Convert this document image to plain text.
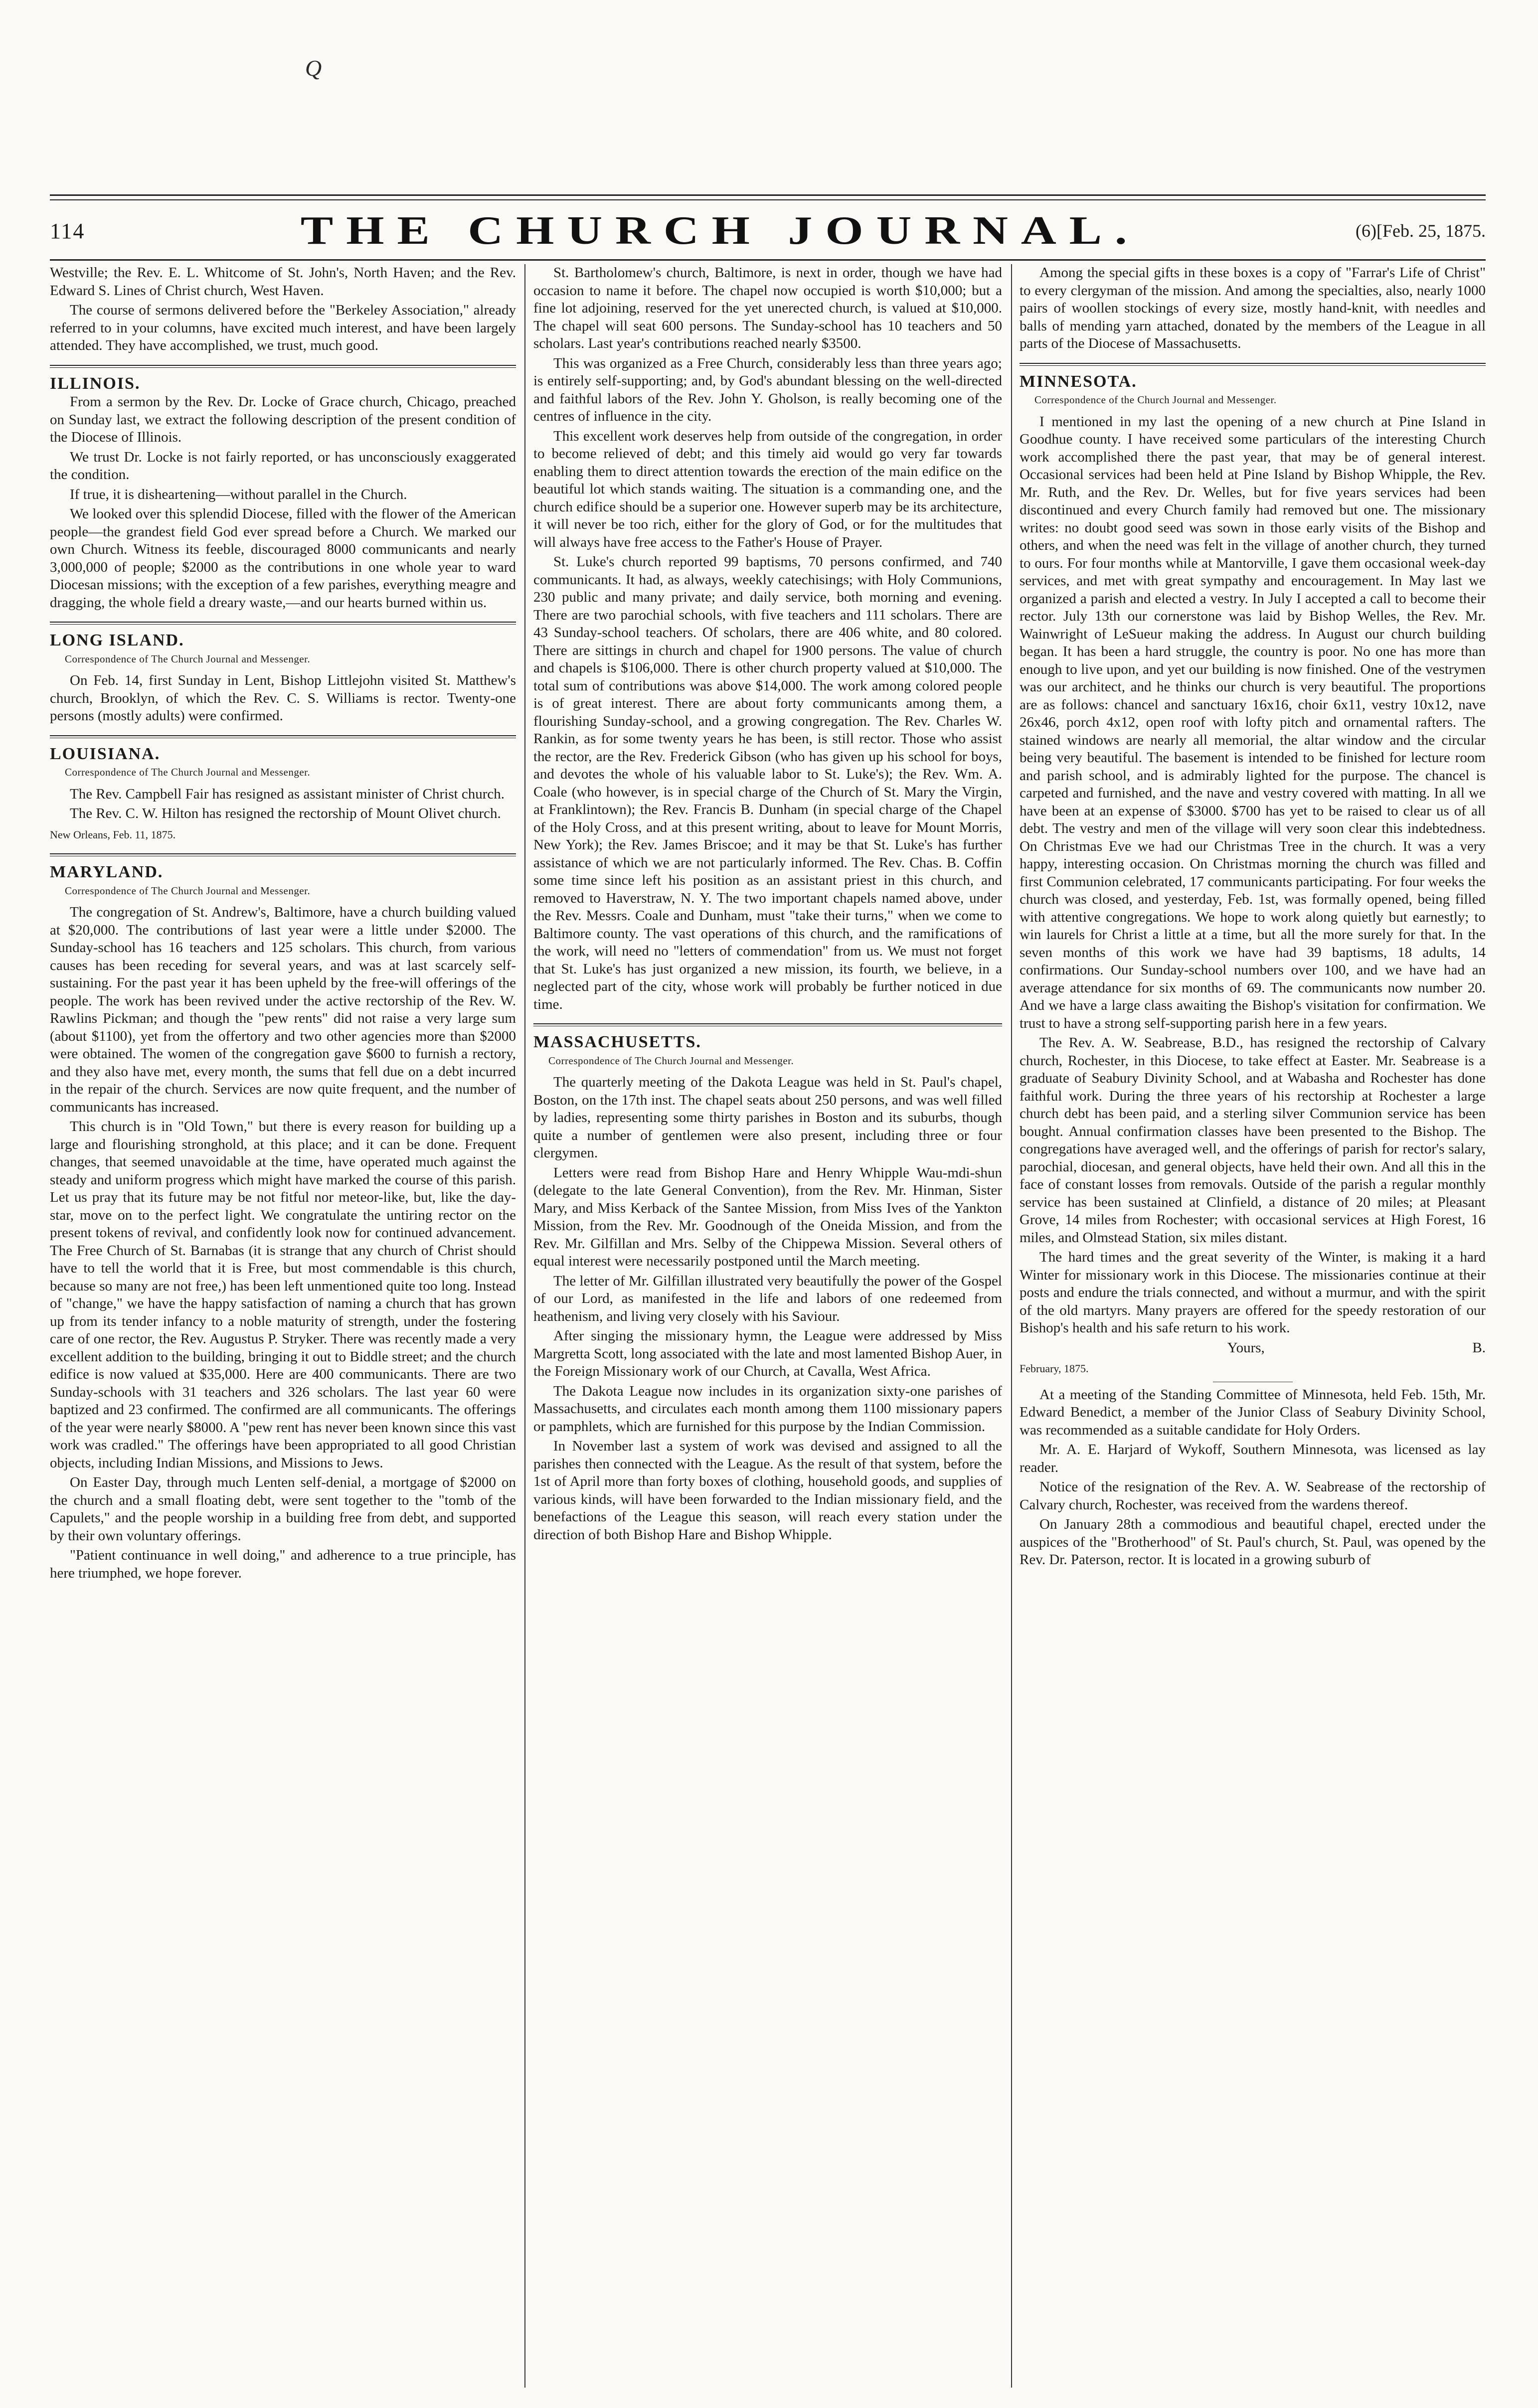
Q
114	THE CHURCH JOURNAL.	(6)[Feb. 25, 1875.

Westville; the Rev. E. L. Whitcome of St. John's, North Haven; and the Rev. Edward S. Lines of Christ church, West Haven.

The course of sermons delivered before the "Berkeley Association," already referred to in your columns, have excited much interest, and have been largely attended. They have accomplished, we trust, much good.

ILLINOIS.

From a sermon by the Rev. Dr. Locke of Grace church, Chicago, preached on Sunday last, we extract the following description of the present condition of the Diocese of Illinois.

We trust Dr. Locke is not fairly reported, or has unconsciously exaggerated the condition.

If true, it is disheartening—without parallel in the Church.

We looked over this splendid Diocese, filled with the flower of the American people—the grandest field God ever spread before a Church. We marked our own Church. Witness its feeble, discouraged 8000 communicants and nearly 3,000,000 of people; $2000 as the contributions in one whole year to ward Diocesan missions; with the exception of a few parishes, everything meagre and dragging, the whole field a dreary waste,—and our hearts burned within us.

LONG ISLAND.
Correspondence of The Church Journal and Messenger.

On Feb. 14, first Sunday in Lent, Bishop Littlejohn visited St. Matthew's church, Brooklyn, of which the Rev. C. S. Williams is rector. Twenty-one persons (mostly adults) were confirmed.

LOUISIANA.
Correspondence of The Church Journal and Messenger.

The Rev. Campbell Fair has resigned as assistant minister of Christ church.

The Rev. C. W. Hilton has resigned the rectorship of Mount Olivet church.

New Orleans, Feb. 11, 1875.
MARYLAND.
Correspondence of The Church Journal and Messenger.

The congregation of St. Andrew's, Baltimore, have a church building valued at $20,000. The contributions of last year were a little under $2000. The Sunday-school has 16 teachers and 125 scholars. This church, from various causes has been receding for several years, and was at last scarcely self-sustaining. For the past year it has been upheld by the free-will offerings of the people. The work has been revived under the active rectorship of the Rev. W. Rawlins Pickman; and though the "pew rents" did not raise a very large sum (about $1100), yet from the offertory and two other agencies more than $2000 were obtained. The women of the congregation gave $600 to furnish a rectory, and they also have met, every month, the sums that fell due on a debt incurred in the repair of the church. Services are now quite frequent, and the number of communicants has increased.

This church is in "Old Town," but there is every reason for building up a large and flourishing stronghold, at this place; and it can be done. Frequent changes, that seemed unavoidable at the time, have operated much against the steady and uniform progress which might have marked the course of this parish. Let us pray that its future may be not fitful nor meteor-like, but, like the day-star, move on to the perfect light. We congratulate the untiring rector on the present tokens of revival, and confidently look now for continued advancement. The Free Church of St. Barnabas (it is strange that any church of Christ should have to tell the world that it is Free, but most commendable is this church, because so many are not free,) has been left unmentioned quite too long. Instead of "change," we have the happy satisfaction of naming a church that has grown up from its tender infancy to a noble maturity of strength, under the fostering care of one rector, the Rev. Augustus P. Stryker. There was recently made a very excellent addition to the building, bringing it out to Biddle street; and the church edifice is now valued at $35,000. Here are 400 communicants. There are two Sunday-schools with 31 teachers and 326 scholars. The last year 60 were baptized and 23 confirmed. The confirmed are all communicants. The offerings of the year were nearly $8000. A "pew rent has never been known since this vast work was cradled." The offerings have been appropriated to all good Christian objects, including Indian Missions, and Missions to Jews.

On Easter Day, through much Lenten self-denial, a mortgage of $2000 on the church and a small floating debt, were sent together to the "tomb of the Capulets," and the people worship in a building free from debt, and supported by their own voluntary offerings.

"Patient continuance in well doing," and adherence to a true principle, has here triumphed, we hope forever.

St. Bartholomew's church, Baltimore, is next in order, though we have had occasion to name it before. The chapel now occupied is worth $10,000; but a fine lot adjoining, reserved for the yet unerected church, is valued at $10,000. The chapel will seat 600 persons. The Sunday-school has 10 teachers and 50 scholars. Last year's contributions reached nearly $3500.

This was organized as a Free Church, considerably less than three years ago; is entirely self-supporting; and, by God's abundant blessing on the well-directed and faithful labors of the Rev. John Y. Gholson, is really becoming one of the centres of influence in the city.

This excellent work deserves help from outside of the congregation, in order to become relieved of debt; and this timely aid would go very far towards enabling them to direct attention towards the erection of the main edifice on the beautiful lot which stands waiting. The situation is a commanding one, and the church edifice should be a superior one. However superb may be its architecture, it will never be too rich, either for the glory of God, or for the multitudes that will always have free access to the Father's House of Prayer.

St. Luke's church reported 99 baptisms, 70 persons confirmed, and 740 communicants. It had, as always, weekly catechisings; with Holy Communions, 230 public and many private; and daily service, both morning and evening. There are two parochial schools, with five teachers and 111 scholars. There are 43 Sunday-school teachers. Of scholars, there are 406 white, and 80 colored. There are sittings in church and chapel for 1900 persons. The value of church and chapels is $106,000. There is other church property valued at $10,000. The total sum of contributions was above $14,000. The work among colored people is of great interest. There are about forty communicants among them, a flourishing Sunday-school, and a growing congregation. The Rev. Charles W. Rankin, as for some twenty years he has been, is still rector. Those who assist the rector, are the Rev. Frederick Gibson (who has given up his school for boys, and devotes the whole of his valuable labor to St. Luke's); the Rev. Wm. A. Coale (who however, is in special charge of the Church of St. Mary the Virgin, at Franklintown); the Rev. Francis B. Dunham (in special charge of the Chapel of the Holy Cross, and at this present writing, about to leave for Mount Morris, New York); the Rev. James Briscoe; and it may be that St. Luke's has further assistance of which we are not particularly informed. The Rev. Chas. B. Coffin some time since left his position as an assistant priest in this church, and removed to Haverstraw, N. Y. The two important chapels named above, under the Rev. Messrs. Coale and Dunham, must "take their turns," when we come to Baltimore county. The vast operations of this church, and the ramifications of the work, will need no "letters of commendation" from us. We must not forget that St. Luke's has just organized a new mission, its fourth, we believe, in a neglected part of the city, whose work will probably be further noticed in due time.

MASSACHUSETTS.
Correspondence of The Church Journal and Messenger.

The quarterly meeting of the Dakota League was held in St. Paul's chapel, Boston, on the 17th inst. The chapel seats about 250 persons, and was well filled by ladies, representing some thirty parishes in Boston and its suburbs, though quite a number of gentlemen were also present, including three or four clergymen.

Letters were read from Bishop Hare and Henry Whipple Wau-mdi-shun (delegate to the late General Convention), from the Rev. Mr. Hinman, Sister Mary, and Miss Kerback of the Santee Mission, from Miss Ives of the Yankton Mission, from the Rev. Mr. Goodnough of the Oneida Mission, and from the Rev. Mr. Gilfillan and Mrs. Selby of the Chippewa Mission. Several others of equal interest were necessarily postponed until the March meeting.

The letter of Mr. Gilfillan illustrated very beautifully the power of the Gospel of our Lord, as manifested in the life and labors of one redeemed from heathenism, and living very closely with his Saviour.

After singing the missionary hymn, the League were addressed by Miss Margretta Scott, long associated with the late and most lamented Bishop Auer, in the Foreign Missionary work of our Church, at Cavalla, West Africa.

The Dakota League now includes in its organization sixty-one parishes of Massachusetts, and circulates each month among them 1100 missionary papers or pamphlets, which are furnished for this purpose by the Indian Commission.

In November last a system of work was devised and assigned to all the parishes then connected with the League. As the result of that system, before the 1st of April more than forty boxes of clothing, household goods, and supplies of various kinds, will have been forwarded to the Indian missionary field, and the benefactions of the League this season, will reach every station under the direction of both Bishop Hare and Bishop Whipple.

Among the special gifts in these boxes is a copy of "Farrar's Life of Christ" to every clergyman of the mission. And among the specialties, also, nearly 1000 pairs of woollen stockings of every size, mostly hand-knit, with needles and balls of mending yarn attached, donated by the members of the League in all parts of the Diocese of Massachusetts.

MINNESOTA.
Correspondence of the Church Journal and Messenger.

I mentioned in my last the opening of a new church at Pine Island in Goodhue county. I have received some particulars of the interesting Church work accomplished there the past year, that may be of general interest. Occasional services had been held at Pine Island by Bishop Whipple, the Rev. Mr. Ruth, and the Rev. Dr. Welles, but for five years services had been discontinued and every Church family had removed but one. The missionary writes: no doubt good seed was sown in those early visits of the Bishop and others, and when the need was felt in the village of another church, they turned to ours. For four months while at Mantorville, I gave them occasional week-day services, and met with great sympathy and encouragement. In May last we organized a parish and elected a vestry. In July I accepted a call to become their rector. July 13th our cornerstone was laid by Bishop Welles, the Rev. Mr. Wainwright of LeSueur making the address. In August our church building began. It has been a hard struggle, the country is poor. No one has more than enough to live upon, and yet our building is now finished. One of the vestrymen was our architect, and he thinks our church is very beautiful. The proportions are as follows: chancel and sanctuary 16x16, choir 6x11, vestry 10x12, nave 26x46, porch 4x12, open roof with lofty pitch and ornamental rafters. The stained windows are nearly all memorial, the altar window and the circular being very beautiful. The basement is intended to be finished for lecture room and parish school, and is admirably lighted for the purpose. The chancel is carpeted and furnished, and the nave and vestry covered with matting. In all we have been at an expense of $3000. $700 has yet to be raised to clear us of all debt. The vestry and men of the village will very soon clear this indebtedness. On Christmas Eve we had our Christmas Tree in the church. It was a very happy, interesting occasion. On Christmas morning the church was filled and first Communion celebrated, 17 communicants participating. For four weeks the church was closed, and yesterday, Feb. 1st, was formally opened, being filled with attentive congregations. We hope to work along quietly but earnestly; to win laurels for Christ a little at a time, but all the more surely for that. In the seven months of this work we have had 39 baptisms, 18 adults, 14 confirmations. Our Sunday-school numbers over 100, and we have had an average attendance for six months of 69. The communicants now number 20. And we have a large class awaiting the Bishop's visitation for confirmation. We trust to have a strong self-supporting parish here in a few years.

The Rev. A. W. Seabrease, B.D., has resigned the rectorship of Calvary church, Rochester, in this Diocese, to take effect at Easter. Mr. Seabrease is a graduate of Seabury Divinity School, and at Wabasha and Rochester has done faithful work. During the three years of his rectorship at Rochester a large church debt has been paid, and a sterling silver Communion service has been bought. Annual confirmation classes have been presented to the Bishop. The congregations have averaged well, and the offerings of parish for rector's salary, parochial, diocesan, and general objects, have held their own. And all this in the face of constant losses from removals. Outside of the parish a regular monthly service has been sustained at Clinfield, a distance of 20 miles; at Pleasant Grove, 14 miles from Rochester; with occasional services at High Forest, 16 miles, and Olmstead Station, six miles distant.

The hard times and the great severity of the Winter, is making it a hard Winter for missionary work in this Diocese. The missionaries continue at their posts and endure the trials connected, and without a murmur, and with the spirit of the old martyrs. Many prayers are offered for the speedy restoration of our Bishop's health and his safe return to his work.

Yours,	B.
February, 1875.

At a meeting of the Standing Committee of Minnesota, held Feb. 15th, Mr. Edward Benedict, a member of the Junior Class of Seabury Divinity School, was recommended as a suitable candidate for Holy Orders.

Mr. A. E. Harjard of Wykoff, Southern Minnesota, was licensed as lay reader.

Notice of the resignation of the Rev. A. W. Seabrease of the rectorship of Calvary church, Rochester, was received from the wardens thereof.

On January 28th a commodious and beautiful chapel, erected under the auspices of the "Brotherhood" of St. Paul's church, St. Paul, was opened by the Rev. Dr. Paterson, rector. It is located in a growing suburb of
